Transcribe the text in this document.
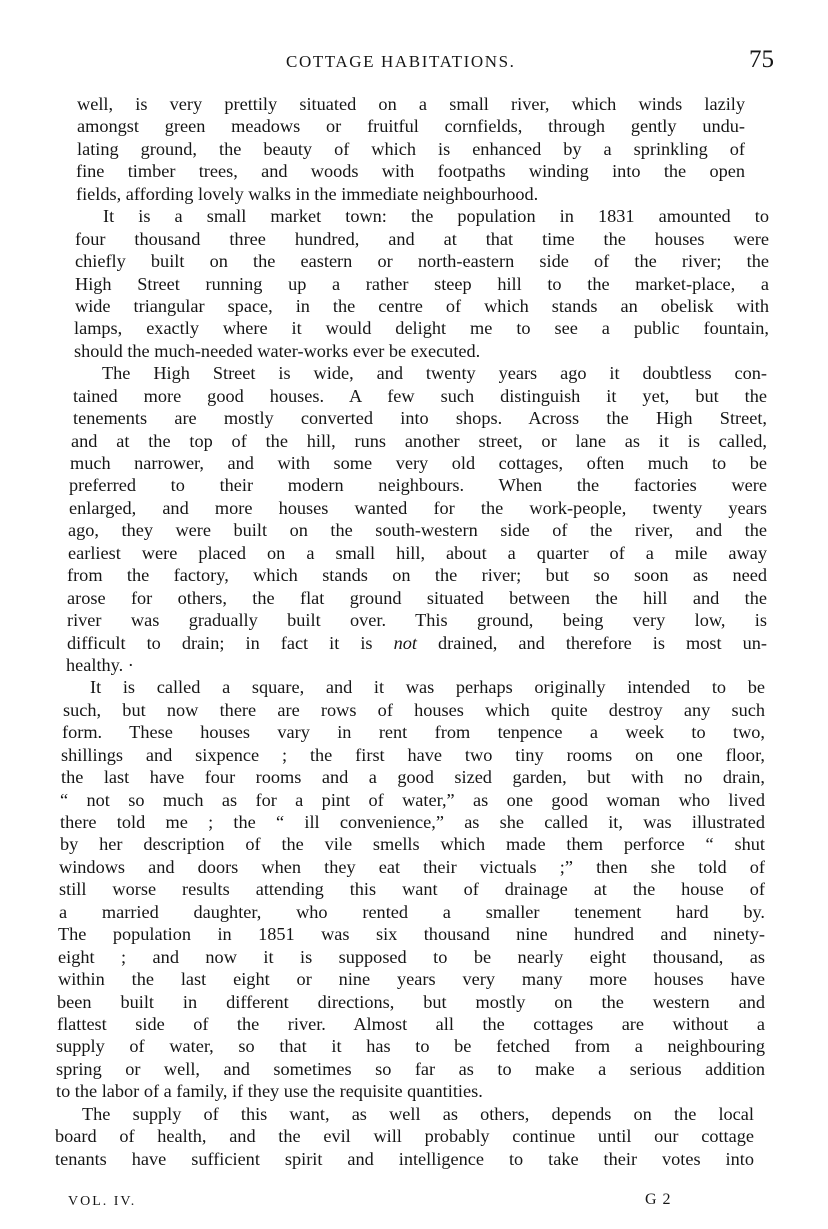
COTTAGE HABITATIONS.	75
well, is very prettily situated on a small river, which winds lazily
amongst green meadows or fruitful cornfields, through gently undu-
lating ground, the beauty of which is enhanced by a sprinkling of
fine timber trees, and woods with footpaths winding into the open
fields, affording lovely walks in the immediate neighbourhood.
It is a small market town: the population in 1831 amounted to
four thousand three hundred, and at that time the houses were
chiefly built on the eastern or north-eastern side of the river; the
High Street running up a rather steep hill to the market-place, a
wide triangular space, in the centre of which stands an obelisk with
lamps, exactly where it would delight me to see a public fountain,
should the much-needed water-works ever be executed.
The High Street is wide, and twenty years ago it doubtless con-
tained more good houses. A few such distinguish it yet, but the
tenements are mostly converted into shops. Across the High Street,
and at the top of the hill, runs another street, or lane as it is called,
much narrower, and with some very old cottages, often much to be
preferred to their modern neighbours. When the factories were
enlarged, and more houses wanted for the work-people, twenty years
ago, they were built on the south-western side of the river, and the
earliest were placed on a small hill, about a quarter of a mile away
from the factory, which stands on the river; but so soon as need
arose for others, the flat ground situated between the hill and the
river was gradually built over. This ground, being very low, is
difficult to drain; in fact it is not drained, and therefore is most un-
healthy. ·
It is called a square, and it was perhaps originally intended to be
such, but now there are rows of houses which quite destroy any such
form. These houses vary in rent from tenpence a week to two,
shillings and sixpence ; the first have two tiny rooms on one floor,
the last have four rooms and a good sized garden, but with no drain,
“ not so much as for a pint of water,” as one good woman who lived
there told me ; the “ ill convenience,” as she called it, was illustrated
by her description of the vile smells which made them perforce “ shut
windows and doors when they eat their victuals ;” then she told of
still worse results attending this want of drainage at the house of
a married daughter, who rented a smaller tenement hard by.
The population in 1851 was six thousand nine hundred and ninety-
eight ; and now it is supposed to be nearly eight thousand, as
within the last eight or nine years very many more houses have
been built in different directions, but mostly on the western and
flattest side of the river. Almost all the cottages are without a
supply of water, so that it has to be fetched from a neighbouring
spring or well, and sometimes so far as to make a serious addition
to the labor of a family, if they use the requisite quantities.
The supply of this want, as well as others, depends on the local
board of health, and the evil will probably continue until our cottage
tenants have sufficient spirit and intelligence to take their votes into
VOL. IV.	G 2
